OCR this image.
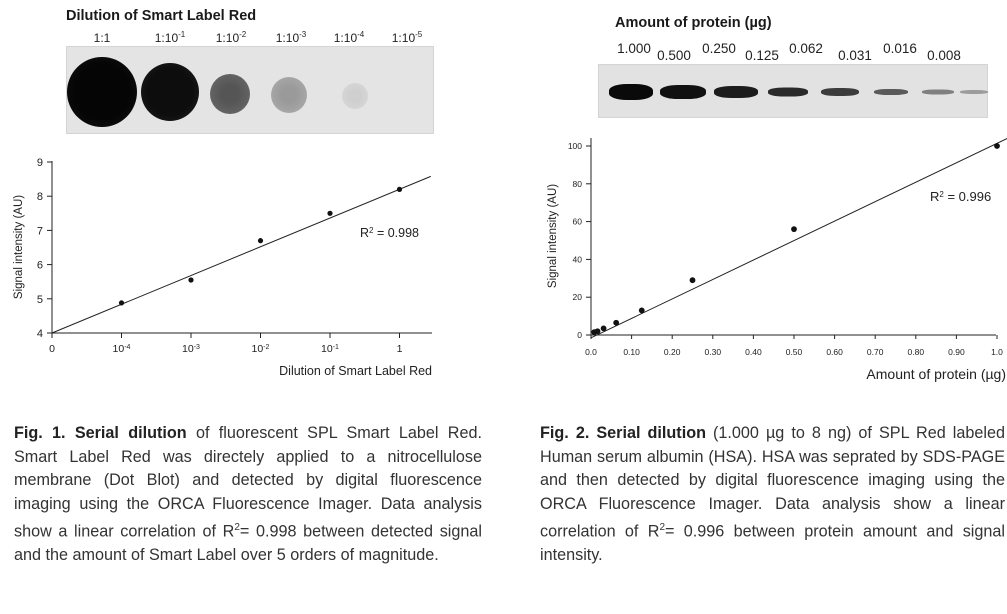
Dilution of Smart Label Red
1:1	$1:10^{-1}$	$1:10^{-2}$ $1:10^{-3}$ $1:10^{-4}$ $1:10^{-5}$
4
5
6
7
8
9
0	$10^{-4}$	$10^{-3}$	$10^{-2}$	$10^{-1}$	1
Signal intensity (AU)
Dilution of Smart Label Red
$R^2 = 0.998$
Fig. 1. Serial dilution of fluorescent SPL Smart Label Red. Smart Label Red was directely applied to a nitrocellulose membrane (Dot Blot) and detected by digital fluorescence imaging using the ORCA Fluorescence Imager. Data analysis show a linear correlation of $R^2= 0.998$ between detected signal and the amount of Smart Label over 5 orders of magnitude.
Amount of protein (µg)
1.000 0.500 0.250 0.125 0.062 0.031 0.016 0.008
0
20
40
60
80
100
0.0	0.10	0.20	0.30	0.40	0.50	0.60	0.70	0.80	0.90	1.0
Signal intensity (AU)
Amount of protein (µg)
$R^2 = 0.996$
Fig. 2. Serial dilution (1.000 µg to 8 ng) of SPL Red labeled Human serum albumin (HSA). HSA was seprated by SDS-PAGE and then detected by digital fluorescence imaging using the ORCA Fluorescence Imager. Data analysis show a linear correlation of $R^2= 0.996$ between protein amount and signal intensity.
